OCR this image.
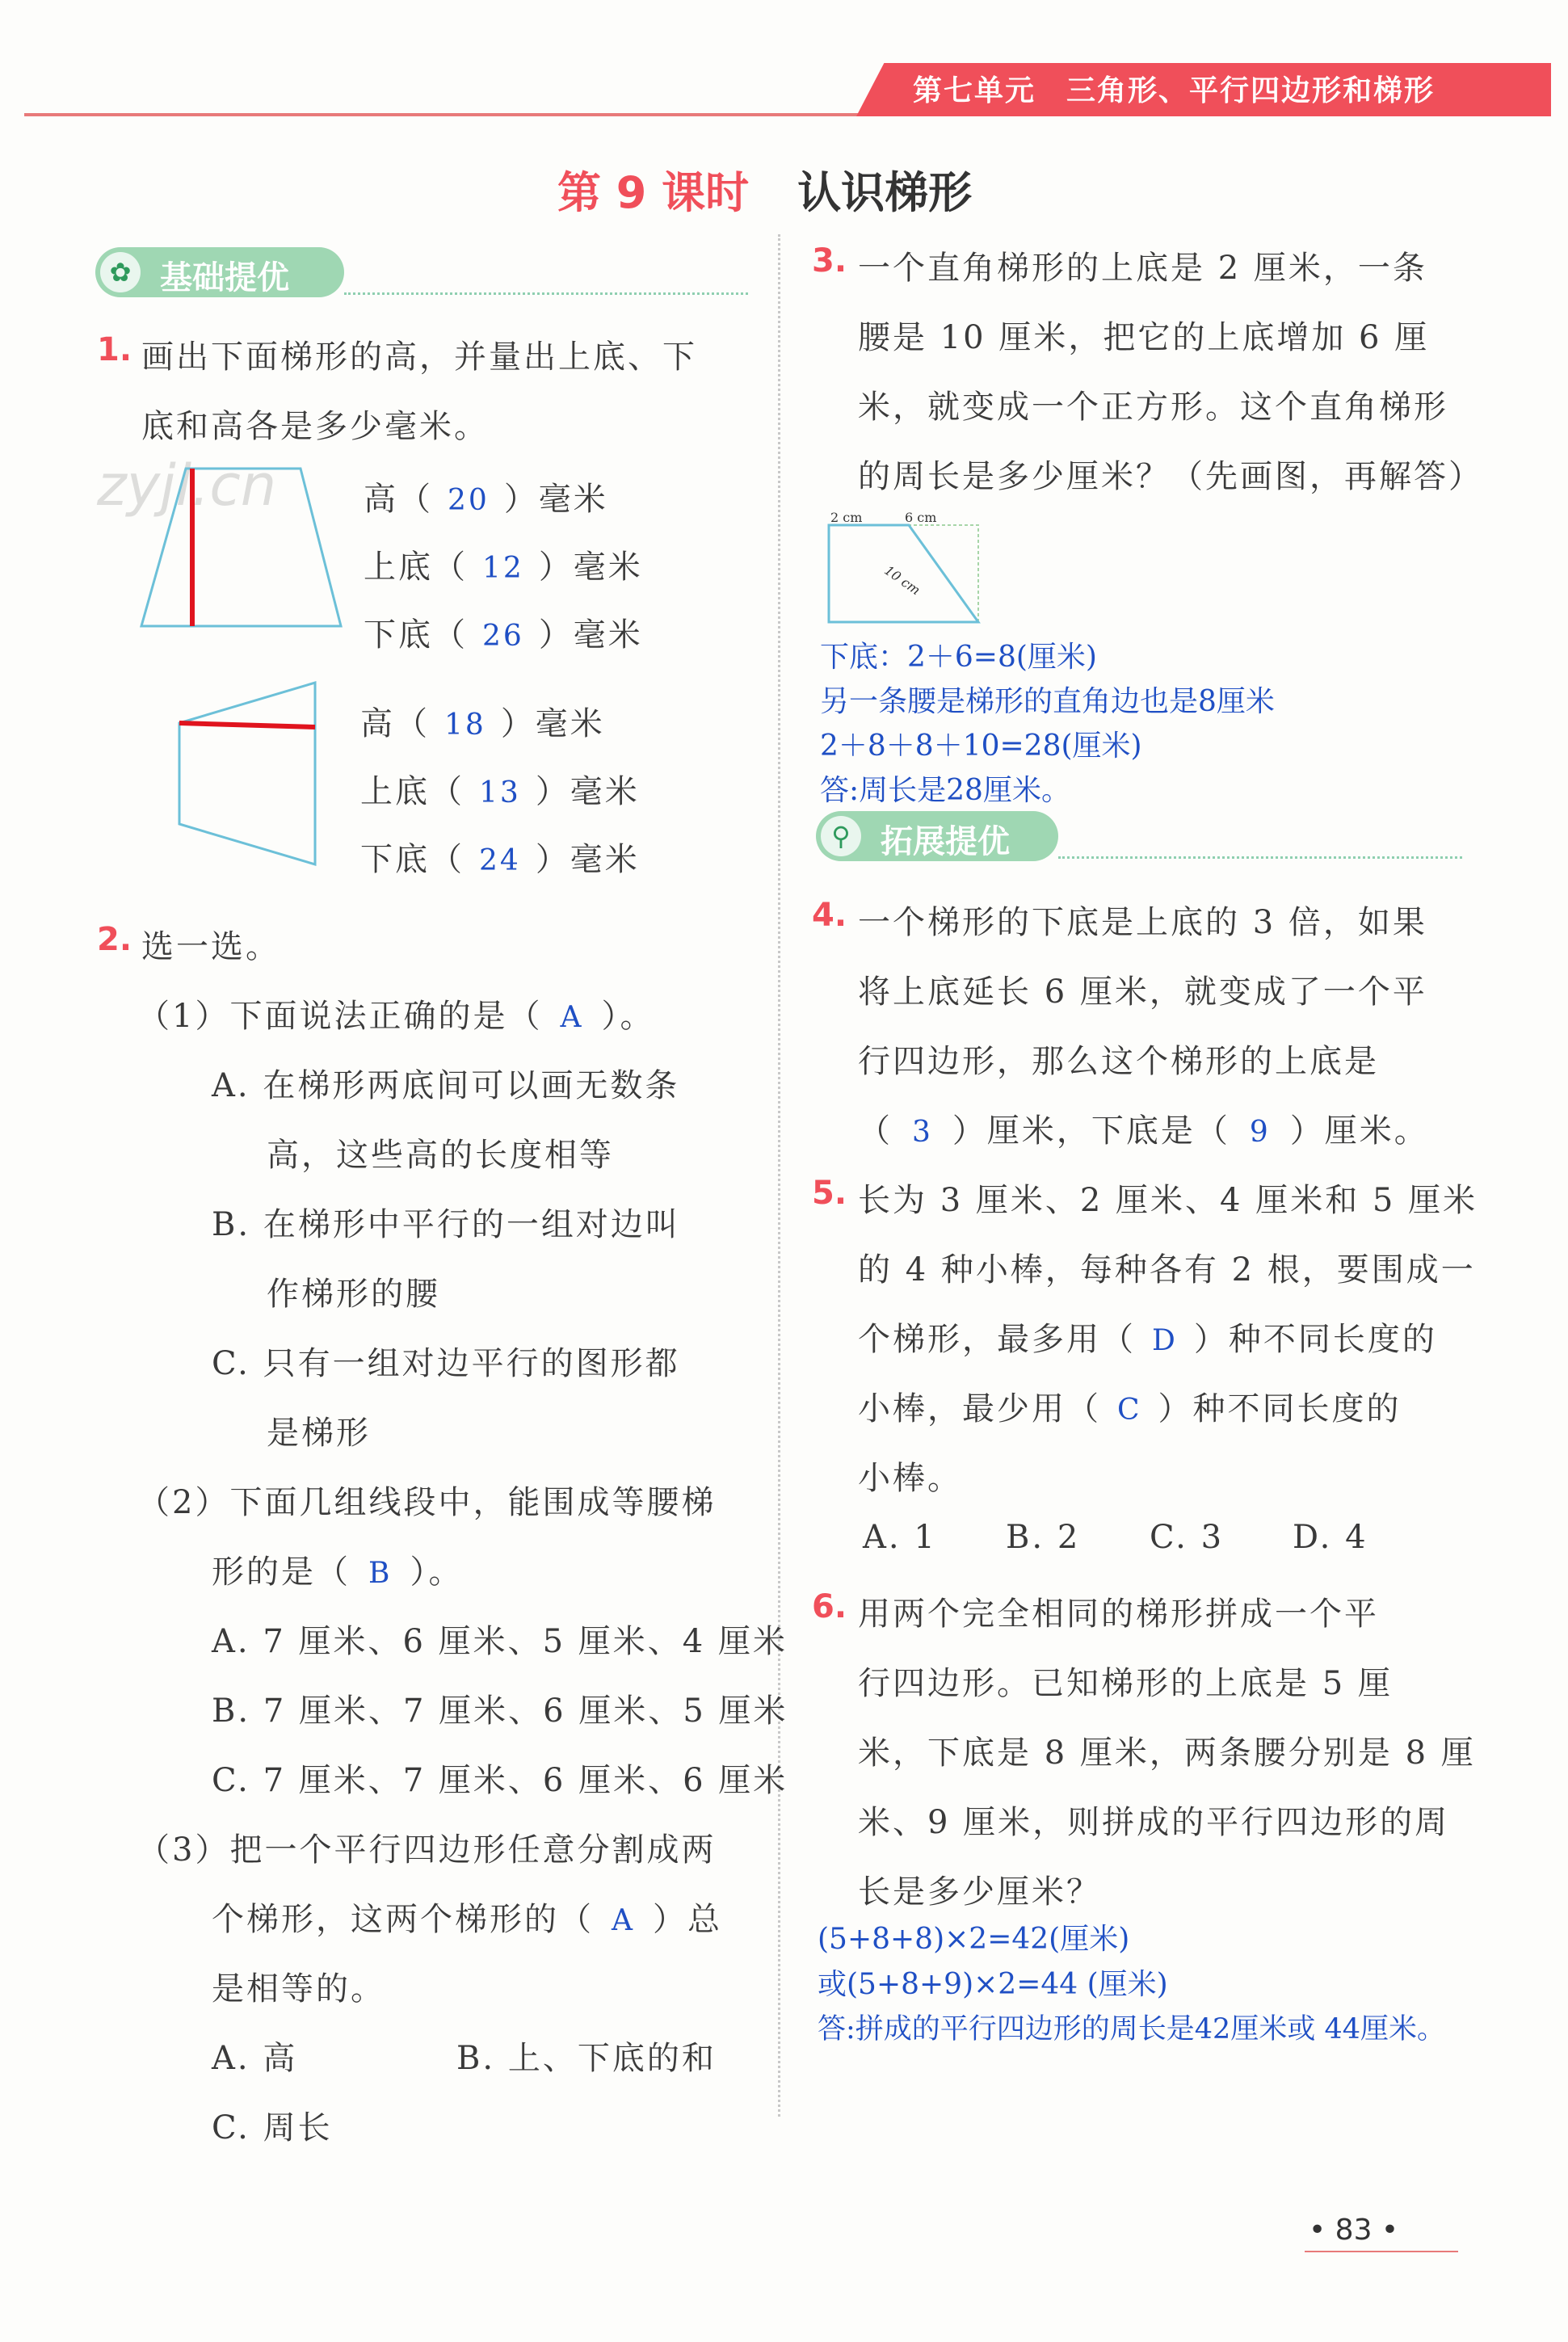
第七单元　三角形、平行四边形和梯形
第 9 课时 认识梯形
✿ 基础提优
1. 画出下面梯形的高，并量出上底、下
底和高各是多少毫米。
zyjl.cn	高（ 20 ）毫米
上底（ 12 ）毫米
下底（ 26 ）毫米
高（ 18 ）毫米
上底（ 13 ）毫米
下底（ 24 ）毫米
2. 选一选。
（1）下面说法正确的是（ A ）。
A. 在梯形两底间可以画无数条
高，这些高的长度相等
B. 在梯形中平行的一组对边叫
作梯形的腰
C. 只有一组对边平行的图形都
是梯形
（2）下面几组线段中，能围成等腰梯
形的是（ B ）。
A. 7 厘米、6 厘米、5 厘米、4 厘米
B. 7 厘米、7 厘米、6 厘米、5 厘米
C. 7 厘米、7 厘米、6 厘米、6 厘米
（3）把一个平行四边形任意分割成两
个梯形，这两个梯形的（ A ）总
是相等的。
A. 高	B. 上、下底的和
C. 周长
3. 一个直角梯形的上底是 2 厘米，一条
腰是 10 厘米，把它的上底增加 6 厘
米，就变成一个正方形。这个直角梯形
的周长是多少厘米？（先画图，再解答）
2 cm	6 cm
10 cm
下底：2＋6=8(厘米)
另一条腰是梯形的直角边也是8厘米
2＋8＋8＋10=28(厘米)
答:周长是28厘米。
⚲ 拓展提优
4. 一个梯形的下底是上底的 3 倍，如果
将上底延长 6 厘米，就变成了一个平
行四边形，那么这个梯形的上底是
（ 3 ）厘米，下底是（ 9 ）厘米。
5. 长为 3 厘米、2 厘米、4 厘米和 5 厘米
的 4 种小棒，每种各有 2 根，要围成一
个梯形，最多用（ D ）种不同长度的
小棒，最少用（ C ）种不同长度的
小棒。
A. 1 B. 2 C. 3 D. 4
6. 用两个完全相同的梯形拼成一个平
行四边形。已知梯形的上底是 5 厘
米，下底是 8 厘米，两条腰分别是 8 厘
米、9 厘米，则拼成的平行四边形的周
长是多少厘米？
(5+8+8)×2=42(厘米)
或(5+8+9)×2=44 (厘米)
答:拼成的平行四边形的周长是42厘米或 44厘米。
• 83 •
